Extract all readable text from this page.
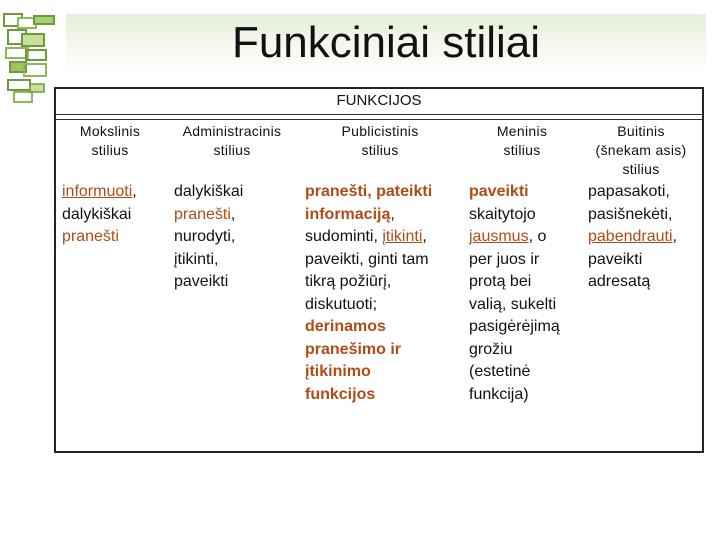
Funkciniai stiliai
FUNKCIJOS
Mokslinis
stilius
Administracinis
stilius
Publicistinis
stilius
Meninis
stilius
Buitinis
(šnekam asis)
stilius
informuoti,
dalykiškai
pranešti
dalykiškai
pranešti,
nurodyti,
įtikinti,
paveikti
pranešti, pateikti
informaciją,
sudominti, įtikinti,
paveikti, ginti tam
tikrą požiūrį,
diskutuoti;
derinamos
pranešimo ir
įtikinimo
funkcijos
paveikti
skaitytojo
jausmus, o
per juos ir
protą bei
valią, sukelti
pasigėrėjimą
grožiu
(estetinė
funkcija)
papasakoti,
pasišnekėti,
pabendrauti,
paveikti
adresatą
